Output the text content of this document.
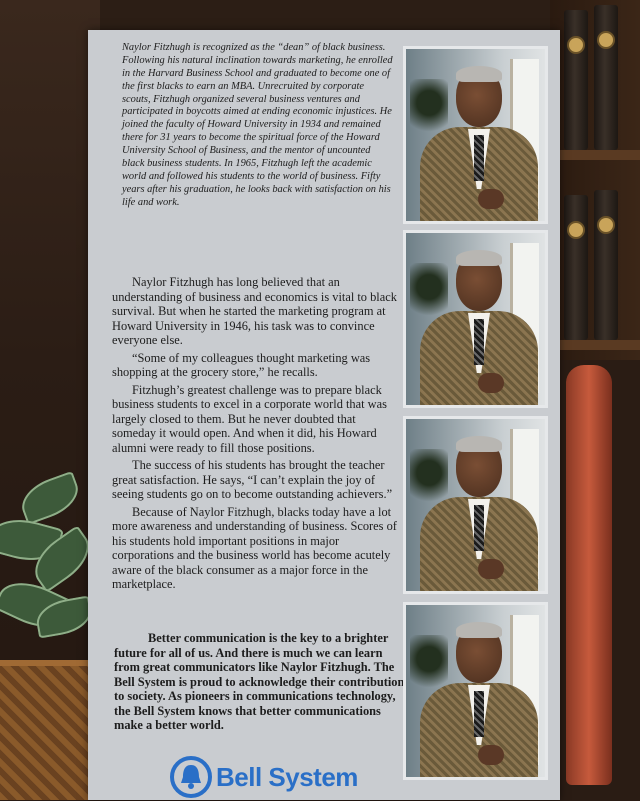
Naylor Fitzhugh is recognized as the “dean” of black business. Following his natural inclination towards marketing, he enrolled in the Harvard Business School and graduated to become one of the first blacks to earn an MBA. Unrecruited by corporate scouts, Fitzhugh organized several business ventures and participated in boycotts aimed at ending economic injustices. He joined the faculty of Howard University in 1934 and remained there for 31 years to become the spiritual force of the Howard University School of Business, and the mentor of uncounted black business students. In 1965, Fitzhugh left the academic world and followed his students to the world of business. Fifty years after his graduation, he looks back with satisfaction on his life and work.

Naylor Fitzhugh has long believed that an understanding of business and economics is vital to black survival. But when he started the marketing program at Howard University in 1946, his task was to convince everyone else.

“Some of my colleagues thought marketing was shopping at the grocery store,” he recalls.

Fitzhugh’s greatest challenge was to prepare black business students to excel in a corporate world that was largely closed to them. But he never doubted that someday it would open. And when it did, his Howard alumni were ready to fill those positions.

The success of his students has brought the teacher great satisfaction. He says, “I can’t explain the joy of seeing students go on to become outstanding achievers.”

Because of Naylor Fitzhugh, blacks today have a lot more awareness and understanding of business. Scores of his students hold important positions in major corporations and the business world has become acutely aware of the black consumer as a major force in the marketplace.

Better communication is the key to a brighter future for all of us. And there is much we can learn from great communicators like Naylor Fitzhugh. The Bell System is proud to acknowledge their contribution to society. As pioneers in communications technology, the Bell System knows that better communications make a better world.

Bell System
